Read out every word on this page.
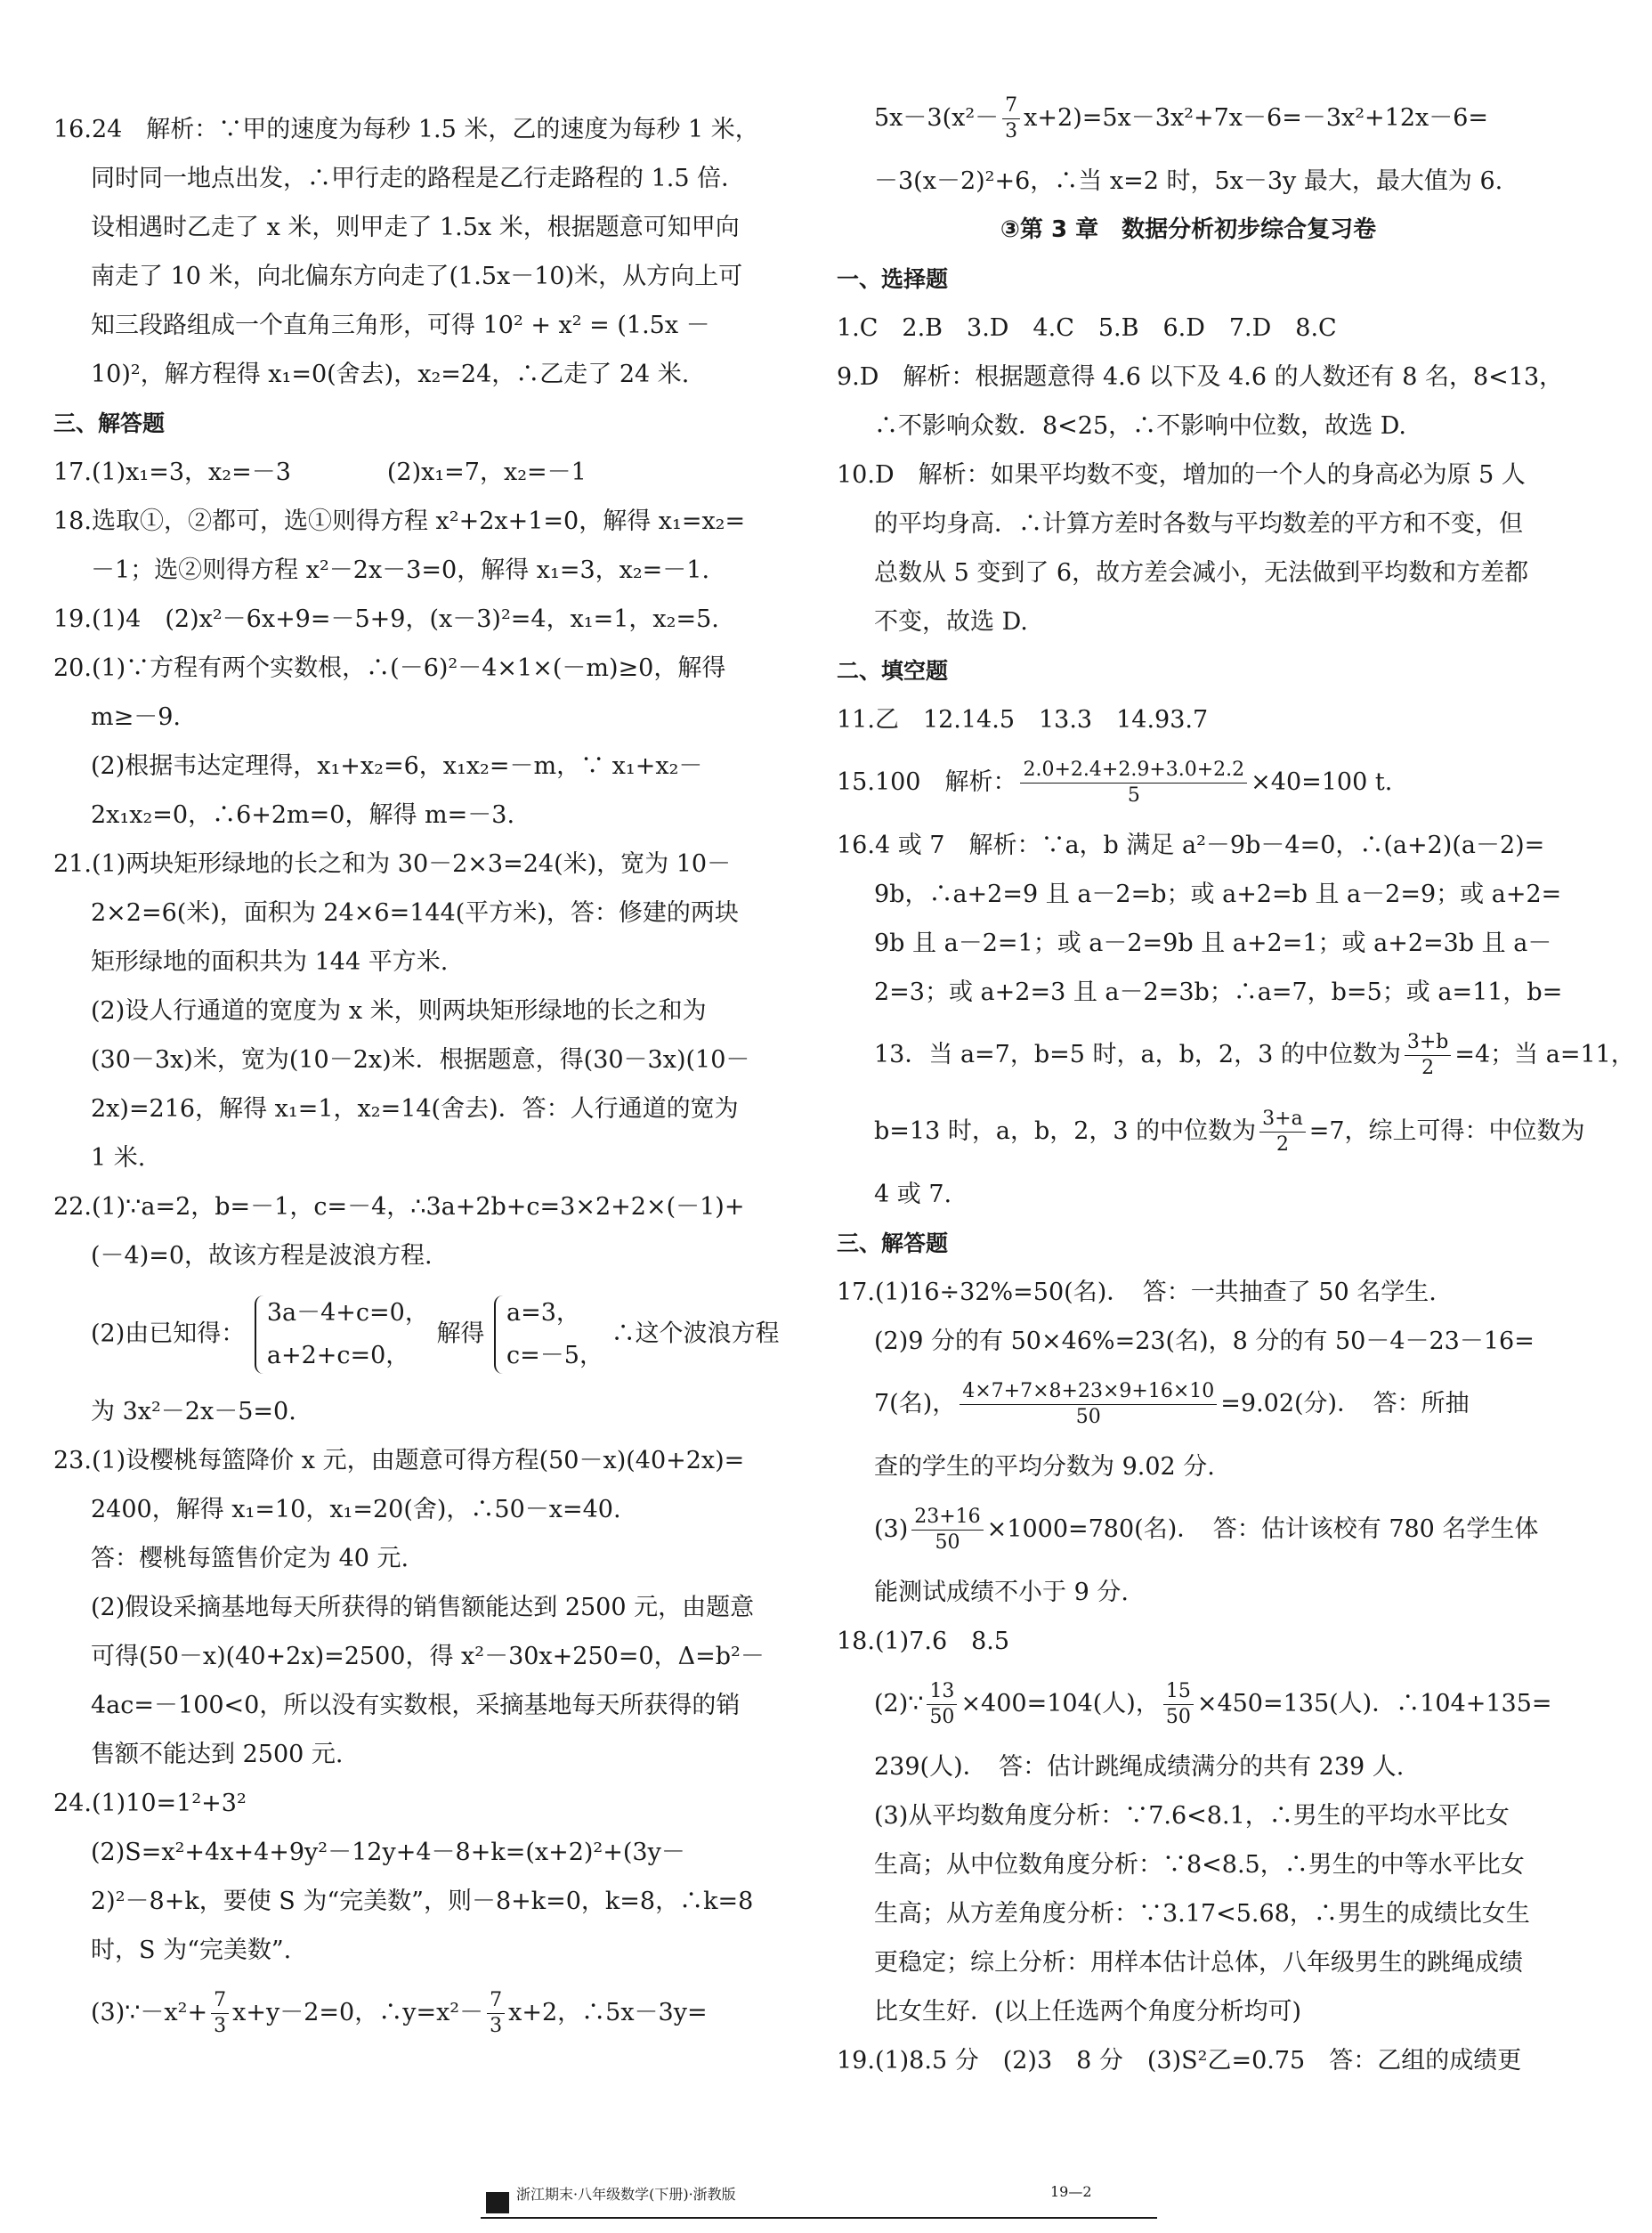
16.24　解析：∵甲的速度为每秒 1.5 米，乙的速度为每秒 1 米，
同时同一地点出发，∴甲行走的路程是乙行走路程的 1.5 倍．
设相遇时乙走了 x 米，则甲走了 1.5x 米，根据题意可知甲向
南走了 10 米，向北偏东方向走了(1.5x－10)米，从方向上可
知三段路组成一个直角三角形，可得 10² + x² = (1.5x －
10)²，解方程得 x₁=0(舍去)，x₂=24，∴乙走了 24 米.
三、解答题
17.(1)x₁=3，x₂=－3　　　　(2)x₁=7，x₂=－1
18.选取①，②都可，选①则得方程 x²+2x+1=0，解得 x₁=x₂=
－1；选②则得方程 x²－2x－3=0，解得 x₁=3，x₂=－1.
19.(1)4　(2)x²－6x+9=－5+9，(x－3)²=4，x₁=1，x₂=5.
20.(1)∵方程有两个实数根，∴(－6)²－4×1×(－m)≥0，解得
m≥－9.
(2)根据韦达定理得，x₁+x₂=6，x₁x₂=－m，∵ x₁+x₂－
2x₁x₂=0，∴6+2m=0，解得 m=－3.
21.(1)两块矩形绿地的长之和为 30－2×3=24(米)，宽为 10－
2×2=6(米)，面积为 24×6=144(平方米)，答：修建的两块
矩形绿地的面积共为 144 平方米.
(2)设人行通道的宽度为 x 米，则两块矩形绿地的长之和为
(30－3x)米，宽为(10－2x)米．根据题意，得(30－3x)(10－
2x)=216，解得 x₁=1，x₂=14(舍去)．答：人行通道的宽为
1 米.
22.(1)∵a=2，b=－1，c=－4，∴3a+2b+c=3×2+2×(－1)+
(－4)=0，故该方程是波浪方程.
(2)由已知得：
3a－4+c=0，
a+2+c=0，
解得
a=3，
c=－5，
∴这个波浪方程
为 3x²－2x－5=0.
23.(1)设樱桃每篮降价 x 元，由题意可得方程(50－x)(40+2x)=
2400，解得 x₁=10，x₁=20(舍)，∴50－x=40.
答：樱桃每篮售价定为 40 元.
(2)假设采摘基地每天所获得的销售额能达到 2500 元，由题意
可得(50－x)(40+2x)=2500，得 x²－30x+250=0，Δ=b²－
4ac=－100<0，所以没有实数根，采摘基地每天所获得的销
售额不能达到 2500 元.
24.(1)10=1²+3²
(2)S=x²+4x+4+9y²－12y+4－8+k=(x+2)²+(3y－
2)²－8+k，要使 S 为“完美数”，则－8+k=0，k=8，∴k=8
时，S 为“完美数”.
(3)∵－x²+ $\frac{7}{3} x+y-2=0$，∴y=x²－ $\frac{7}{3} x+2$，∴5x－3y=
$5x-3(x^2- \frac{7}{3} x+2)=5x-3x^2+7x-6=-3x^2+12x-6=$
－3(x－2)²+6，∴当 x=2 时，5x－3y 最大，最大值为 6.
③第 3 章　数据分析初步综合复习卷
一、选择题
1.C　2.B　3.D　4.C　5.B　6.D　7.D　8.C
9.D　解析：根据题意得 4.6 以下及 4.6 的人数还有 8 名，8<13，
∴不影响众数．8<25，∴不影响中位数，故选 D.
10.D　解析：如果平均数不变，增加的一个人的身高必为原 5 人
的平均身高．∴计算方差时各数与平均数差的平方和不变，但
总数从 5 变到了 6，故方差会减小，无法做到平均数和方差都
不变，故选 D.
二、填空题
11.乙　12.14.5　13.3　14.93.7
15.100　解析： $\frac{2.0+2.4+2.9+3.0+2.2}{5} \times 40=100$ t.
16.4 或 7　解析：∵a，b 满足 a²－9b－4=0，∴(a+2)(a－2)=
9b，∴a+2=9 且 a－2=b；或 a+2=b 且 a－2=9；或 a+2=
9b 且 a－2=1；或 a－2=9b 且 a+2=1；或 a+2=3b 且 a－
2=3；或 a+2=3 且 a－2=3b；∴a=7，b=5；或 a=11，b=
13．当 a=7，b=5 时，a，b，2，3 的中位数为 $\frac{3+b}{2} =4$；当 a=11，
b=13 时，a，b，2，3 的中位数为 $\frac{3+a}{2} =7$，综上可得：中位数为
4 或 7.
三、解答题
17.(1)16÷32%=50(名)．　答：一共抽查了 50 名学生.
(2)9 分的有 50×46%=23(名)，8 分的有 50－4－23－16=
7(名)， $\frac{4\times 7+7\times 8+23\times 9+16\times 10}{50} =9.02$(分)．　答：所抽
查的学生的平均分数为 9.02 分.
$(3) \frac{23+16}{50} \times 1000=780$(名)．　答：估计该校有 780 名学生体
能测试成绩不小于 9 分.
18.(1)7.6　8.5
(2)∵ $\frac{13}{50} \times 400=104$(人)， $\frac{15}{50} \times 450=135$(人)．∴104+135=
239(人)．　答：估计跳绳成绩满分的共有 239 人.
(3)从平均数角度分析：∵7.6<8.1，∴男生的平均水平比女
生高；从中位数角度分析：∵8<8.5，∴男生的中等水平比女
生高；从方差角度分析：∵3.17<5.68，∴男生的成绩比女生
更稳定；综上分析：用样本估计总体，八年级男生的跳绳成绩
比女生好．(以上任选两个角度分析均可)
19.(1)8.5 分　(2)3　8 分　(3)S²乙=0.75　答：乙组的成绩更
浙江期末·八年级数学(下册)·浙教版	19—2
